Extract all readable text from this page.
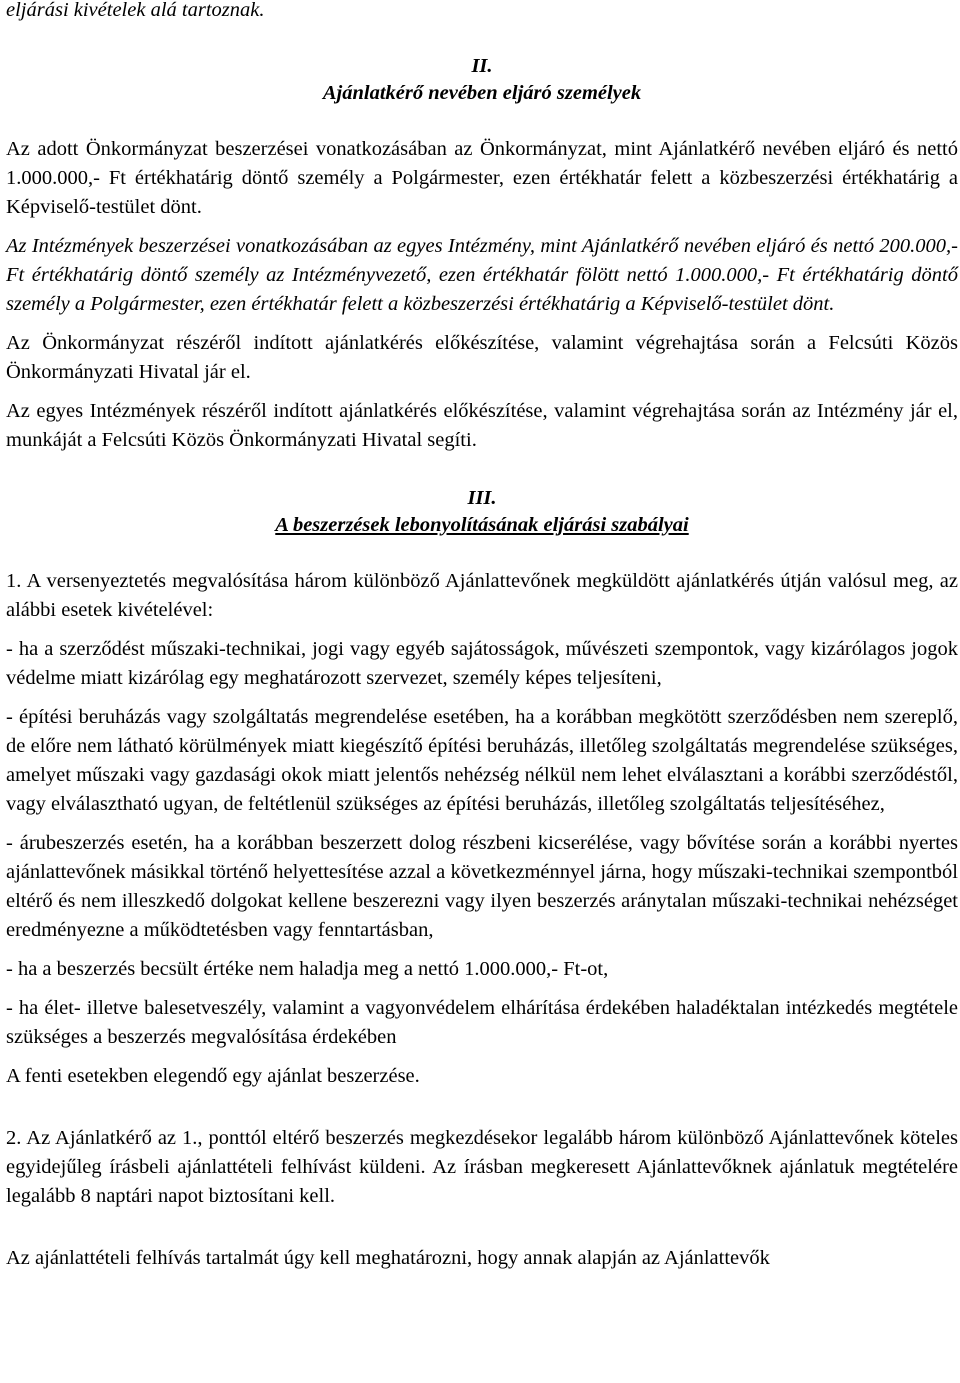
eljárási kivételek alá tartoznak.

II.

Ajánlatkérő nevében eljáró személyek

Az adott Önkormányzat beszerzései vonatkozásában az Önkormányzat, mint Ajánlatkérő nevében eljáró és nettó 1.000.000,- Ft értékhatárig döntő személy a Polgármester, ezen értékhatár felett a közbeszerzési értékhatárig a Képviselő-testület dönt.

Az Intézmények beszerzései vonatkozásában az egyes Intézmény, mint Ajánlatkérő nevében eljáró és nettó 200.000,- Ft értékhatárig döntő személy az Intézményvezető, ezen értékhatár fölött nettó 1.000.000,- Ft értékhatárig döntő személy a Polgármester, ezen értékhatár felett a közbeszerzési értékhatárig a Képviselő-testület dönt.

Az Önkormányzat részéről indított ajánlatkérés előkészítése, valamint végrehajtása során a Felcsúti Közös Önkormányzati Hivatal jár el.

Az egyes Intézmények részéről indított ajánlatkérés előkészítése, valamint végrehajtása során az Intézmény jár el, munkáját a Felcsúti Közös Önkormányzati Hivatal segíti.

III.

A beszerzések lebonyolításának eljárási szabályai

1. A versenyeztetés megvalósítása három különböző Ajánlattevőnek megküldött ajánlatkérés útján valósul meg, az alábbi esetek kivételével:

- ha a szerződést műszaki-technikai, jogi vagy egyéb sajátosságok, művészeti szempontok, vagy kizárólagos jogok védelme miatt kizárólag egy meghatározott szervezet, személy képes teljesíteni,

- építési beruházás vagy szolgáltatás megrendelése esetében, ha a korábban megkötött szerződésben nem szereplő, de előre nem látható körülmények miatt kiegészítő építési beruházás, illetőleg szolgáltatás megrendelése szükséges, amelyet műszaki vagy gazdasági okok miatt jelentős nehézség nélkül nem lehet elválasztani a korábbi szerződéstől, vagy elválasztható ugyan, de feltétlenül szükséges az építési beruházás, illetőleg szolgáltatás teljesítéséhez,

- árubeszerzés esetén, ha a korábban beszerzett dolog részbeni kicserélése, vagy bővítése során a korábbi nyertes ajánlattevőnek másikkal történő helyettesítése azzal a következménnyel járna, hogy műszaki-technikai szempontból eltérő és nem illeszkedő dolgokat kellene beszerezni vagy ilyen beszerzés aránytalan műszaki-technikai nehézséget eredményezne a működtetésben vagy fenntartásban,

- ha a beszerzés becsült értéke nem haladja meg a nettó 1.000.000,- Ft-ot,

- ha élet- illetve balesetveszély, valamint a vagyonvédelem elhárítása érdekében haladéktalan intézkedés megtétele szükséges a beszerzés megvalósítása érdekében

A fenti esetekben elegendő egy ajánlat beszerzése.

2. Az Ajánlatkérő az 1., ponttól eltérő beszerzés megkezdésekor legalább három különböző Ajánlattevőnek köteles egyidejűleg írásbeli ajánlattételi felhívást küldeni. Az írásban megkeresett Ajánlattevőknek ajánlatuk megtételére legalább 8 naptári napot biztosítani kell.

Az ajánlattételi felhívás tartalmát úgy kell meghatározni, hogy annak alapján az Ajánlattevők
